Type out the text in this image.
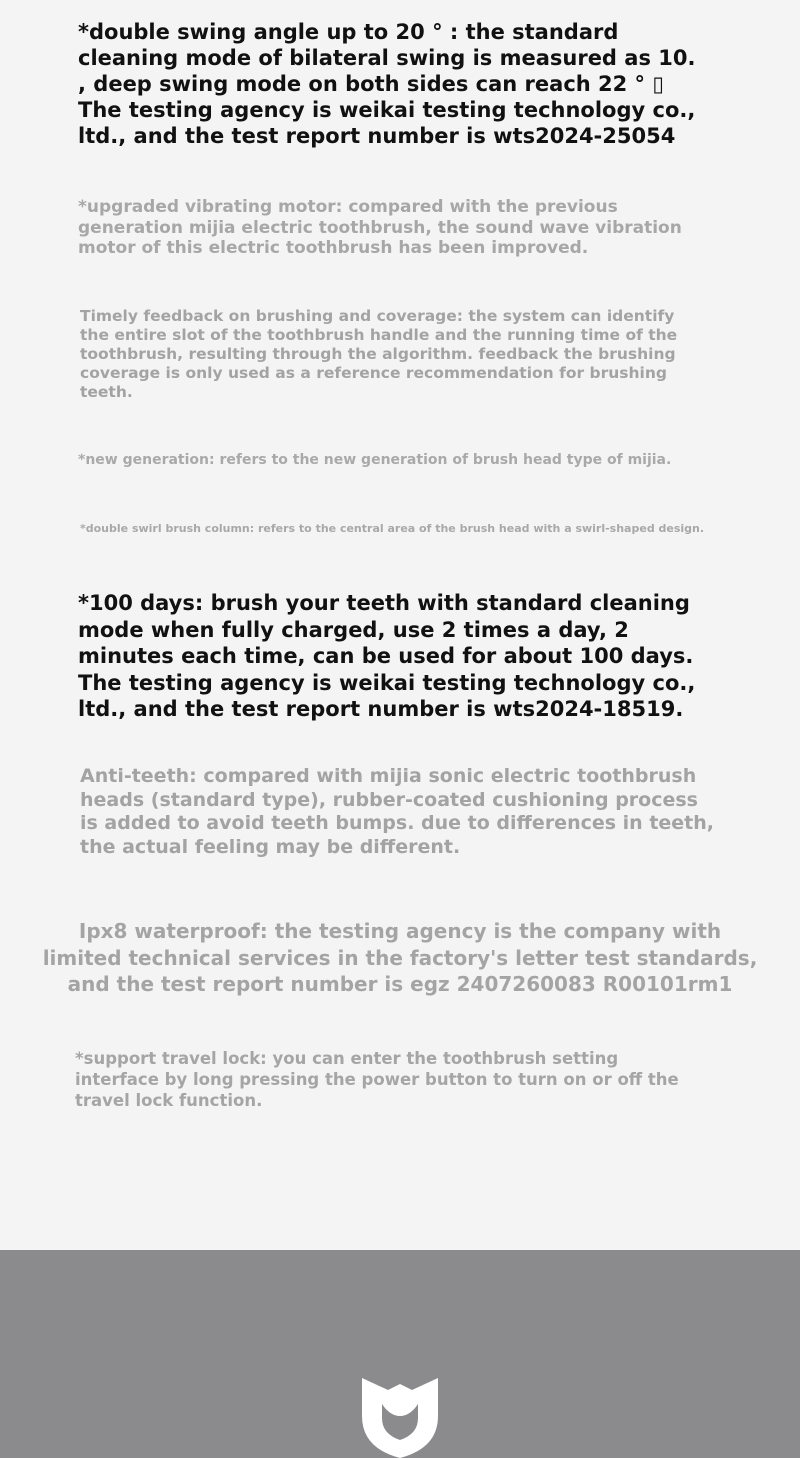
*double swing angle up to 20 ° : the standard
cleaning mode of bilateral swing is measured as 10.
, deep swing mode on both sides can reach 22 ° ▯
The testing agency is weikai testing technology co.,
ltd., and the test report number is wts2024-25054

*upgraded vibrating motor: compared with the previous
generation mijia electric toothbrush, the sound wave vibration
motor of this electric toothbrush has been improved.

Timely feedback on brushing and coverage: the system can identify
the entire slot of the toothbrush handle and the running time of the
toothbrush, resulting through the algorithm. feedback the brushing
coverage is only used as a reference recommendation for brushing
teeth.

*new generation: refers to the new generation of brush head type of mijia.

*double swirl brush column: refers to the central area of the brush head with a swirl-shaped design.

*100 days: brush your teeth with standard cleaning
mode when fully charged, use 2 times a day, 2
minutes each time, can be used for about 100 days.
The testing agency is weikai testing technology co.,
ltd., and the test report number is wts2024-18519.

Anti-teeth: compared with mijia sonic electric toothbrush
heads (standard type), rubber-coated cushioning process
is added to avoid teeth bumps. due to differences in teeth,
the actual feeling may be different.

Ipx8 waterproof: the testing agency is the company with
limited technical services in the factory's letter test standards,
and the test report number is egz 2407260083 R00101rm1

*support travel lock: you can enter the toothbrush setting
interface by long pressing the power button to turn on or off the
travel lock function.
